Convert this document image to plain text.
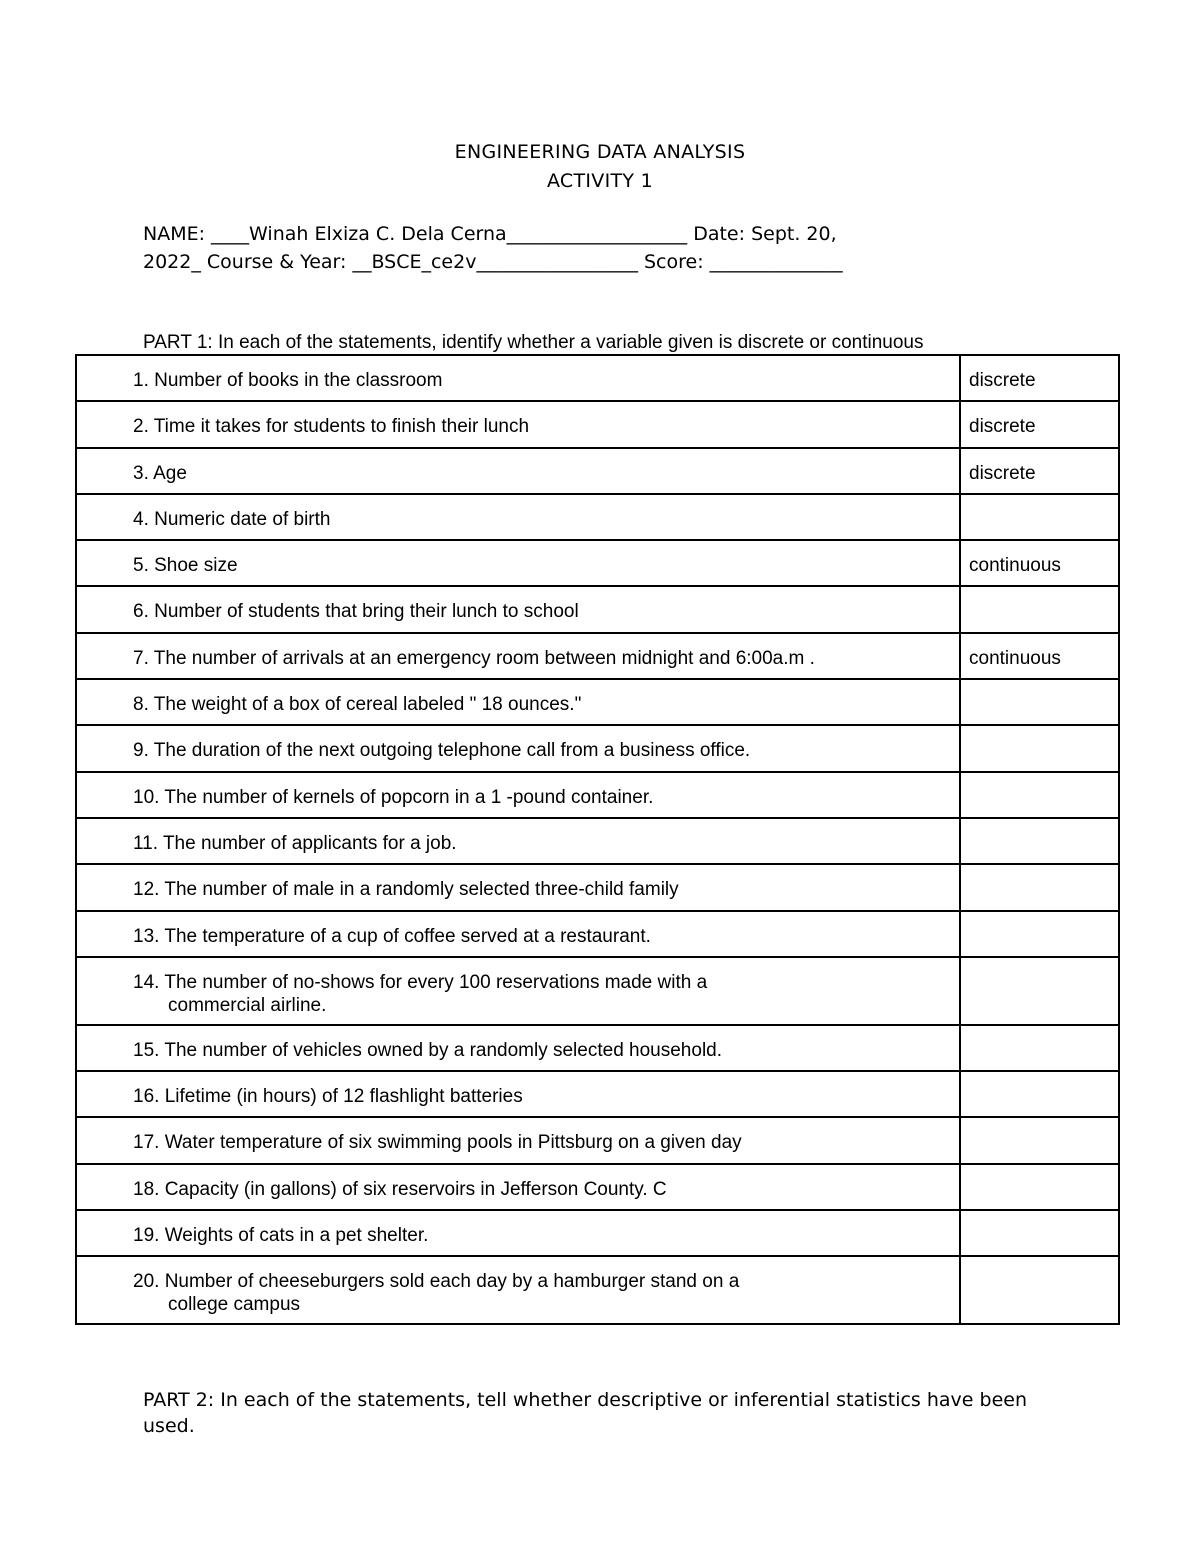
ENGINEERING DATA ANALYSIS
ACTIVITY 1
NAME: ____Winah Elxiza C. Dela Cerna___________________ Date: Sept. 20,
2022_ Course & Year: __BSCE_ce2v_________________ Score: ______________
PART 1: In each of the statements, identify whether a variable given is discrete or continuous
1. Number of books in the classroom	discrete
2. Time it takes for students to finish their lunch	discrete
3. Age	discrete
4. Numeric date of birth	
5. Shoe size	continuous
6. Number of students that bring their lunch to school	
7. The number of arrivals at an emergency room between midnight and 6:00a.m .	continuous
8. The weight of a box of cereal labeled " 18 ounces."	
9. The duration of the next outgoing telephone call from a business office.	
10. The number of kernels of popcorn in a 1 -pound container.	
11. The number of applicants for a job.	
12. The number of male in a randomly selected three-child family	
13. The temperature of a cup of coffee served at a restaurant.	
14. The number of no-shows for every 100 reservations made with a
commercial airline.	

15. The number of vehicles owned by a randomly selected household.	
16. Lifetime (in hours) of 12 flashlight batteries	
17. Water temperature of six swimming pools in Pittsburg on a given day	
18. Capacity (in gallons) of six reservoirs in Jefferson County. C	
19. Weights of cats in a pet shelter.	
20. Number of cheeseburgers sold each day by a hamburger stand on a
college campus	

PART 2: In each of the statements, tell whether descriptive or inferential statistics have been used.
